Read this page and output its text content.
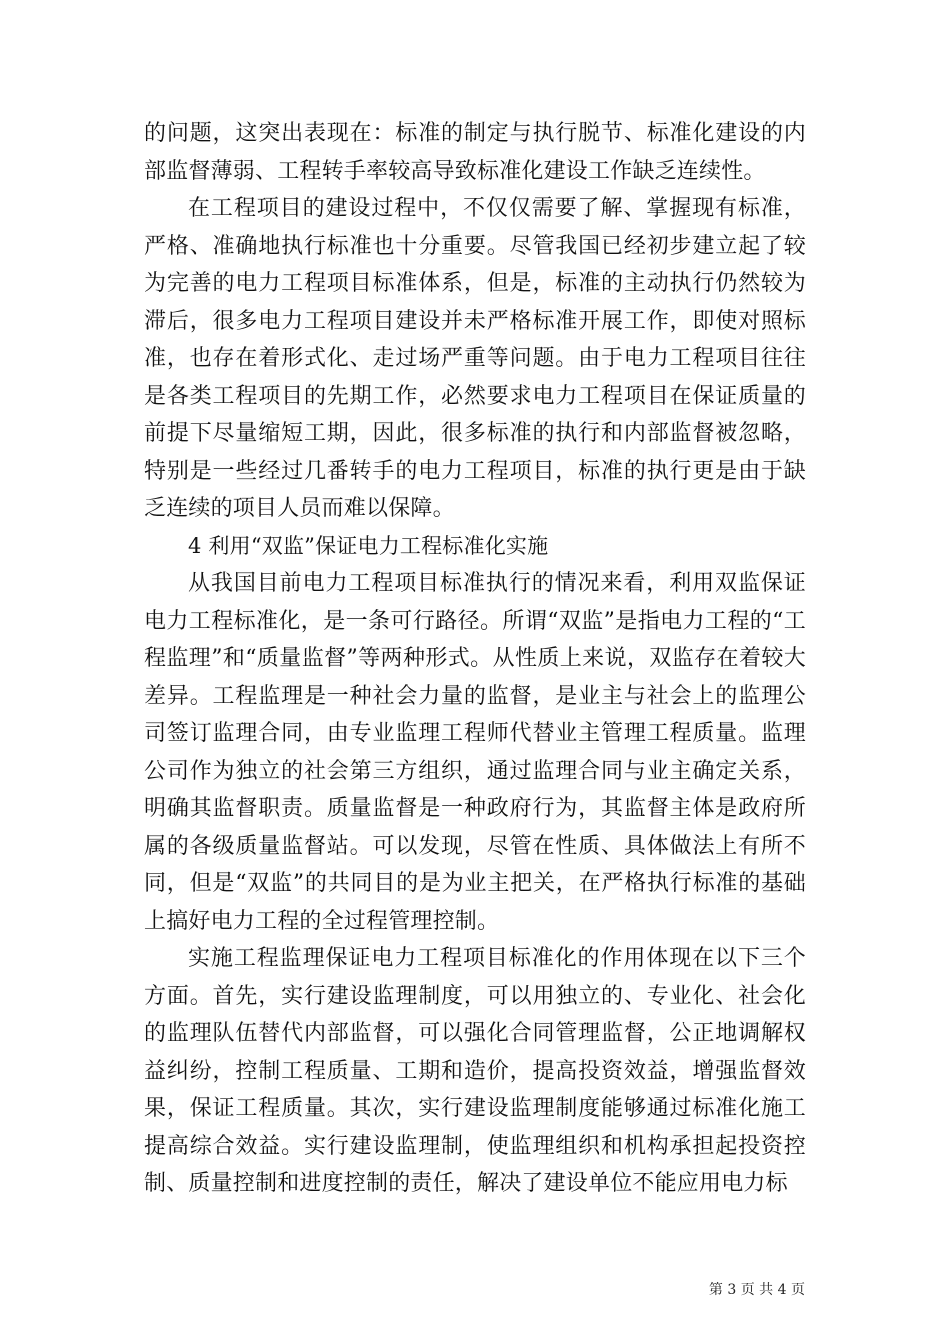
的问题，这突出表现在：标准的制定与执行脱节、标准化建设的内部监督薄弱、工程转手率较高导致标准化建设工作缺乏连续性。

在工程项目的建设过程中，不仅仅需要了解、掌握现有标准，严格、准确地执行标准也十分重要。尽管我国已经初步建立起了较为完善的电力工程项目标准体系，但是，标准的主动执行仍然较为滞后，很多电力工程项目建设并未严格标准开展工作，即使对照标准，也存在着形式化、走过场严重等问题。由于电力工程项目往往是各类工程项目的先期工作，必然要求电力工程项目在保证质量的前提下尽量缩短工期，因此，很多标准的执行和内部监督被忽略，特别是一些经过几番转手的电力工程项目，标准的执行更是由于缺乏连续的项目人员而难以保障。

4 利用“双监”保证电力工程标准化实施

从我国目前电力工程项目标准执行的情况来看，利用双监保证电力工程标准化，是一条可行路径。所谓“双监”是指电力工程的“工程监理”和“质量监督”等两种形式。从性质上来说，双监存在着较大差异。工程监理是一种社会力量的监督，是业主与社会上的监理公司签订监理合同，由专业监理工程师代替业主管理工程质量。监理公司作为独立的社会第三方组织，通过监理合同与业主确定关系，明确其监督职责。质量监督是一种政府行为，其监督主体是政府所属的各级质量监督站。可以发现，尽管在性质、具体做法上有所不同，但是“双监”的共同目的是为业主把关，在严格执行标准的基础上搞好电力工程的全过程管理控制。

实施工程监理保证电力工程项目标准化的作用体现在以下三个方面。首先，实行建设监理制度，可以用独立的、专业化、社会化的监理队伍替代内部监督，可以强化合同管理监督，公正地调解权益纠纷，控制工程质量、工期和造价，提高投资效益，增强监督效果，保证工程质量。其次，实行建设监理制度能够通过标准化施工提高综合效益。实行建设监理制，使监理组织和机构承担起投资控制、质量控制和进度控制的责任，解决了建设单位不能应用电力标

第 3 页 共 4 页
